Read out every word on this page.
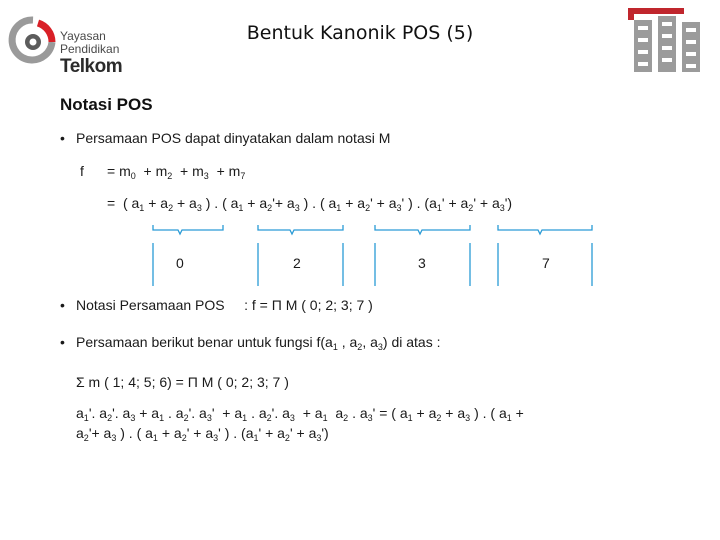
Yayasan
Pendidikan
Telkom
Bentuk Kanonik POS (5)
Notasi POS
• Persamaan POS dapat dinyatakan dalam notasi M
$f = m_0 + m_2 + m_3 + m_7$
=  ( $a_1 + a_2 + a_3$ ) . ( $a_1 + a_2'+ a_3$ ) . ( $a_1 + a_2' + a_3'$ ) . $(a_1' + a_2' + a_3')$
0	2	3	7
• Notasi Persamaan POS     : f = Π M ( 0; 2; 3; 7 )
• Persamaan berikut benar untuk fungsi $f(a_1$ , $a_2$, $a_3$) di atas :
Σ m ( 1; 4; 5; 6) = Π M ( 0; 2; 3; 7 )
$a_1'$. $a_2'$. $a_3 + a_1$ . $a_2'$. $a_3' + a_1$ . $a_2'$. $a_3 + a_1$  $a_2$ . $a_3'$ = ( $a_1 + a_2 + a_3$ ) . ( $a_1$ +
$a_2'+ a_3$ ) . ( $a_1 + a_2' + a_3'$ ) . $(a_1' + a_2' + a_3')$
